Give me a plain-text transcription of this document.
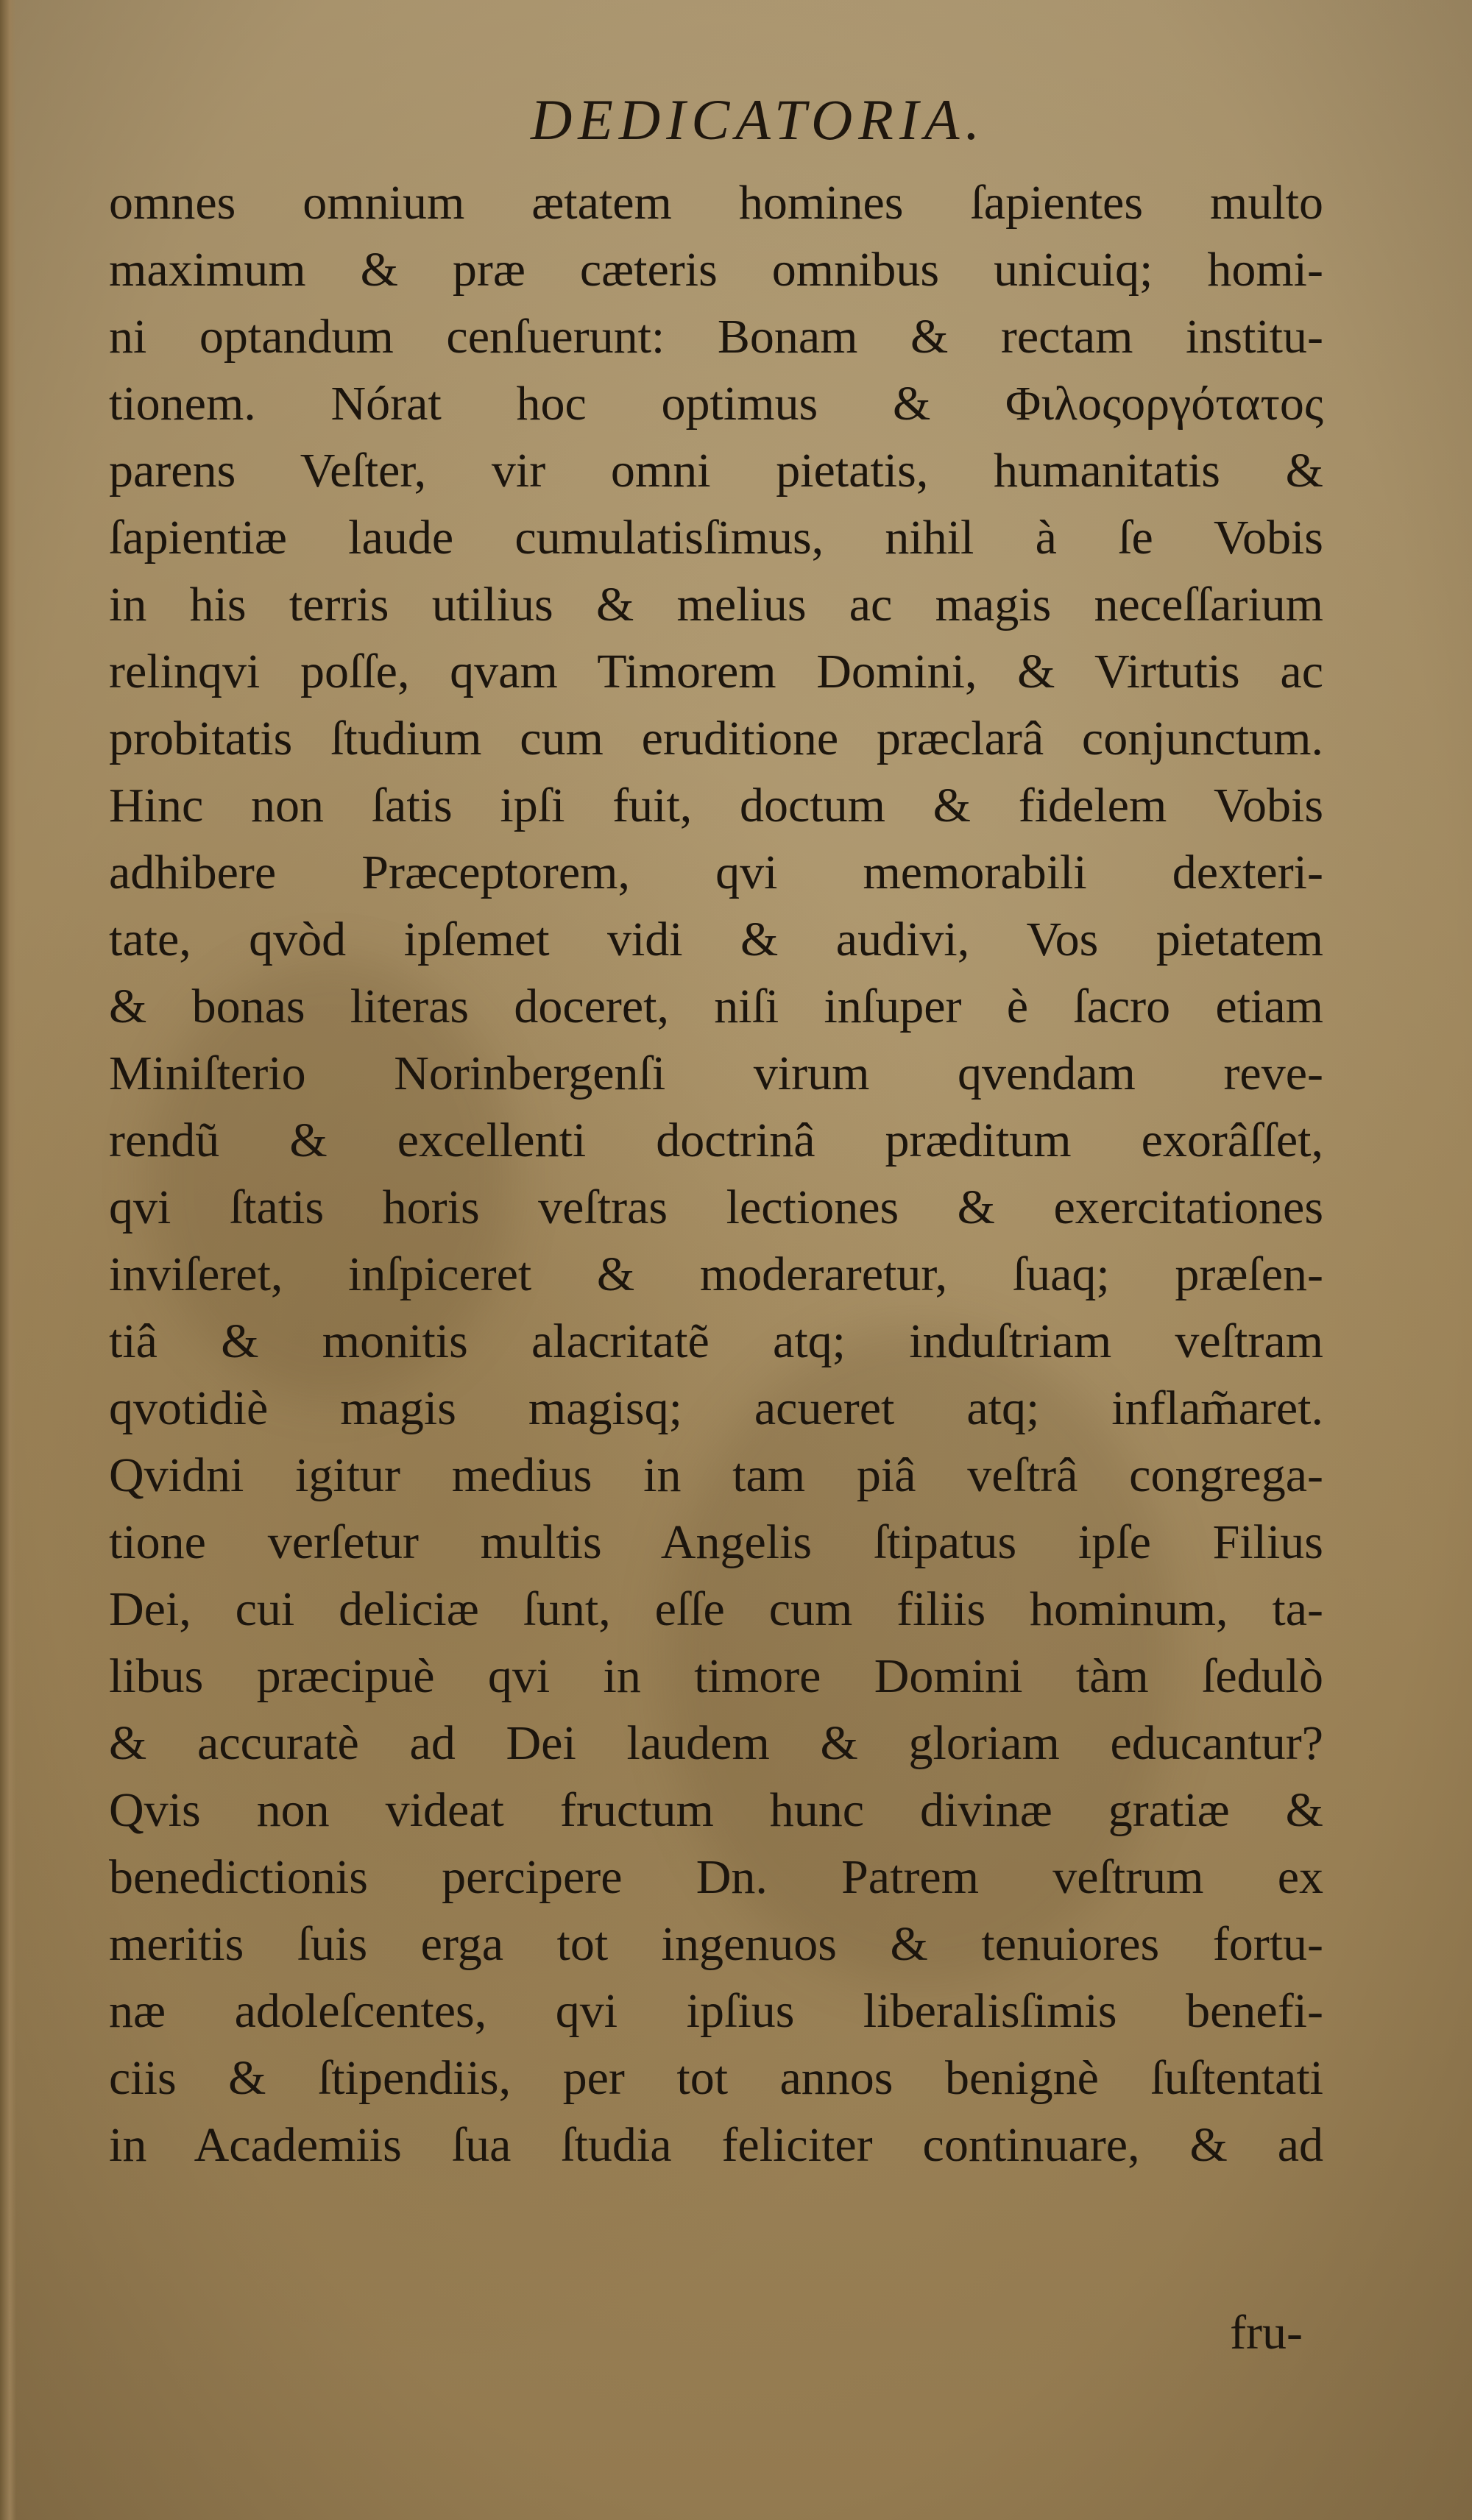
DEDICATORIA.
omnes omnium ætatem homines ſapientes multo
maximum & præ cæteris omnibus unicuiq; homi-
ni optandum cenſuerunt: Bonam & rectam institu-
tionem. Nórat hoc optimus & Φιλοςοργότατος
parens Veſter, vir omni pietatis, humanitatis &
ſapientiæ laude cumulatisſimus, nihil à ſe Vobis
in his terris utilius & melius ac magis neceſſarium
relinqvi poſſe, qvam Timorem Domini, & Virtutis ac
probitatis ſtudium cum eruditione præclarâ conjunctum.
Hinc non ſatis ipſi fuit, doctum & fidelem Vobis
adhibere Præceptorem, qvi memorabili dexteri-
tate, qvòd ipſemet vidi & audivi, Vos pietatem
& bonas literas doceret, niſi inſuper è ſacro etiam
Miniſterio Norinbergenſi virum qvendam reve-
rendũ & excellenti doctrinâ præditum exorâſſet,
qvi ſtatis horis veſtras lectiones & exercitationes
inviſeret, inſpiceret & moderaretur, ſuaq; præſen-
tiâ & monitis alacritatẽ atq; induſtriam veſtram
qvotidiè magis magisq; acueret atq; inflam̃aret.
Qvidni igitur medius in tam piâ veſtrâ congrega-
tione verſetur multis Angelis ſtipatus ipſe Filius
Dei, cui deliciæ ſunt, eſſe cum filiis hominum, ta-
libus præcipuè qvi in timore Domini tàm ſedulò
& accuratè ad Dei laudem & gloriam educantur?
Qvis non videat fructum hunc divinæ gratiæ &
benedictionis percipere Dn. Patrem veſtrum ex
meritis ſuis erga tot ingenuos & tenuiores fortu-
næ adoleſcentes, qvi ipſius liberalisſimis benefi-
ciis & ſtipendiis, per tot annos benignè ſuſtentati
in Academiis ſua ſtudia feliciter continuare, & ad
fru-
